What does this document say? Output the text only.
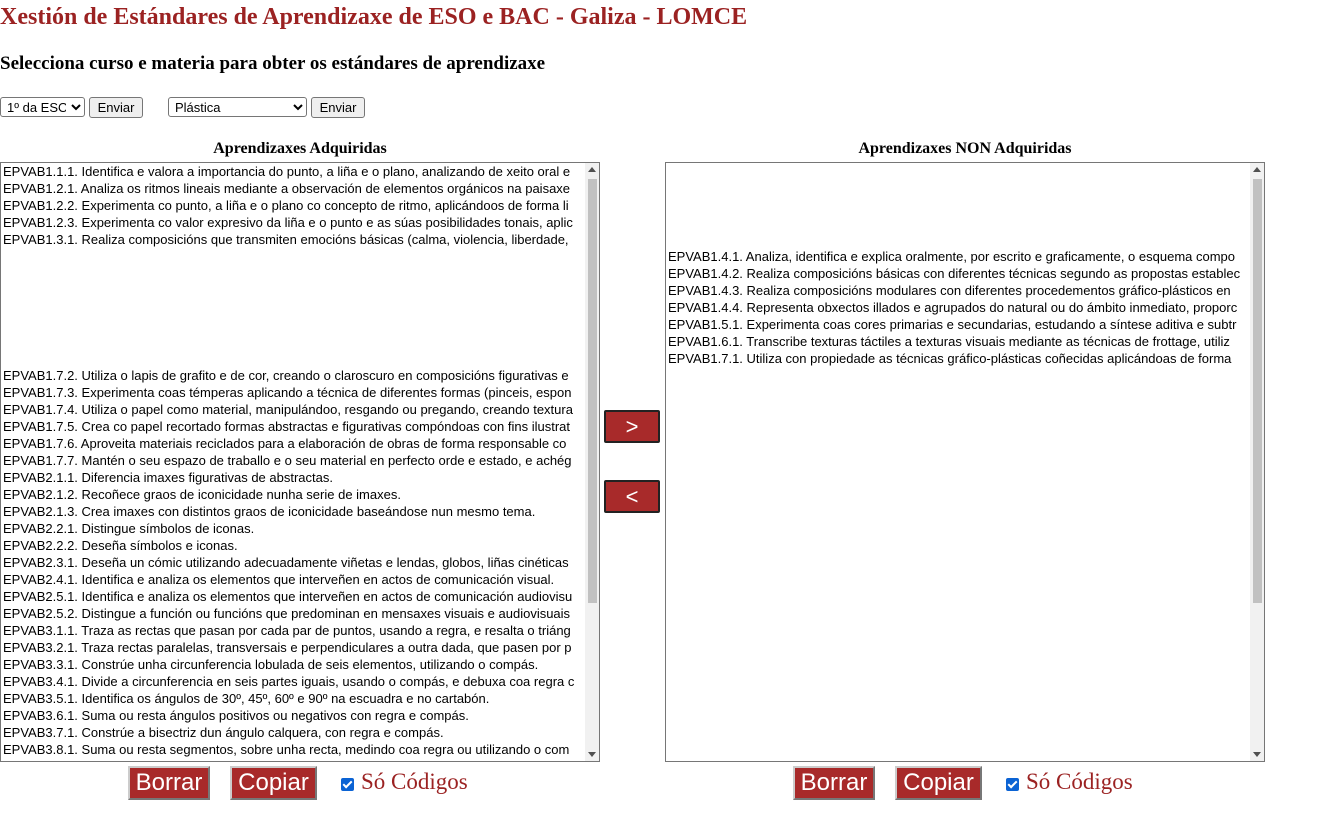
Xestión de Estándares de Aprendizaxe de ESO e BAC - Galiza - LOMCE
Selecciona curso e materia para obter os estándares de aprendizaxe
1º da ESO
Enviar
Plástica	Enviar
Aprendizaxes Adquiridas	Aprendizaxes NON Adquiridas
EPVAB1.1.1. Identifica e valora a importancia do punto, a liña e o plano, analizando de xeito oral e
EPVAB1.2.1. Analiza os ritmos lineais mediante a observación de elementos orgánicos na paisaxe
EPVAB1.2.2. Experimenta co punto, a liña e o plano co concepto de ritmo, aplicándoos de forma li
EPVAB1.2.3. Experimenta co valor expresivo da liña e o punto e as súas posibilidades tonais, aplic
EPVAB1.3.1. Realiza composicións que transmiten emocións básicas (calma, violencia, liberdade,
EPVAB1.7.2. Utiliza o lapis de grafito e de cor, creando o claroscuro en composicións figurativas e
EPVAB1.7.3. Experimenta coas témperas aplicando a técnica de diferentes formas (pinceis, espon
EPVAB1.7.4. Utiliza o papel como material, manipulándoo, resgando ou pregando, creando textura
EPVAB1.7.5. Crea co papel recortado formas abstractas e figurativas compóndoas con fins ilustrat
EPVAB1.7.6. Aproveita materiais reciclados para a elaboración de obras de forma responsable co
EPVAB1.7.7. Mantén o seu espazo de traballo e o seu material en perfecto orde e estado, e achég
EPVAB2.1.1. Diferencia imaxes figurativas de abstractas.
EPVAB2.1.2. Recoñece graos de iconicidade nunha serie de imaxes.
EPVAB2.1.3. Crea imaxes con distintos graos de iconicidade baseándose nun mesmo tema.
EPVAB2.2.1. Distingue símbolos de iconas.
EPVAB2.2.2. Deseña símbolos e iconas.
EPVAB2.3.1. Deseña un cómic utilizando adecuadamente viñetas e lendas, globos, liñas cinéticas
EPVAB2.4.1. Identifica e analiza os elementos que interveñen en actos de comunicación visual.
EPVAB2.5.1. Identifica e analiza os elementos que interveñen en actos de comunicación audiovisu
EPVAB2.5.2. Distingue a función ou funcións que predominan en mensaxes visuais e audiovisuais
EPVAB3.1.1. Traza as rectas que pasan por cada par de puntos, usando a regra, e resalta o triáng
EPVAB3.2.1. Traza rectas paralelas, transversais e perpendiculares a outra dada, que pasen por p
EPVAB3.3.1. Constrúe unha circunferencia lobulada de seis elementos, utilizando o compás.
EPVAB3.4.1. Divide a circunferencia en seis partes iguais, usando o compás, e debuxa coa regra c
EPVAB3.5.1. Identifica os ángulos de 30º, 45º, 60º e 90º na escuadra e no cartabón.
EPVAB3.6.1. Suma ou resta ángulos positivos ou negativos con regra e compás.
EPVAB3.7.1. Constrúe a bisectriz dun ángulo calquera, con regra e compás.
EPVAB3.8.1. Suma ou resta segmentos, sobre unha recta, medindo coa regra ou utilizando o com
>
<
EPVAB1.4.1. Analiza, identifica e explica oralmente, por escrito e graficamente, o esquema compo
EPVAB1.4.2. Realiza composicións básicas con diferentes técnicas segundo as propostas establec
EPVAB1.4.3. Realiza composicións modulares con diferentes procedementos gráfico-plásticos en
EPVAB1.4.4. Representa obxectos illados e agrupados do natural ou do ámbito inmediato, proporc
EPVAB1.5.1. Experimenta coas cores primarias e secundarias, estudando a síntese aditiva e subtr
EPVAB1.6.1. Transcribe texturas táctiles a texturas visuais mediante as técnicas de frottage, utiliz
EPVAB1.7.1. Utiliza con propiedade as técnicas gráfico-plásticas coñecidas aplicándoas de forma
Borrar	Copiar	Só Códigos	Borrar	Copiar	Só Códigos
